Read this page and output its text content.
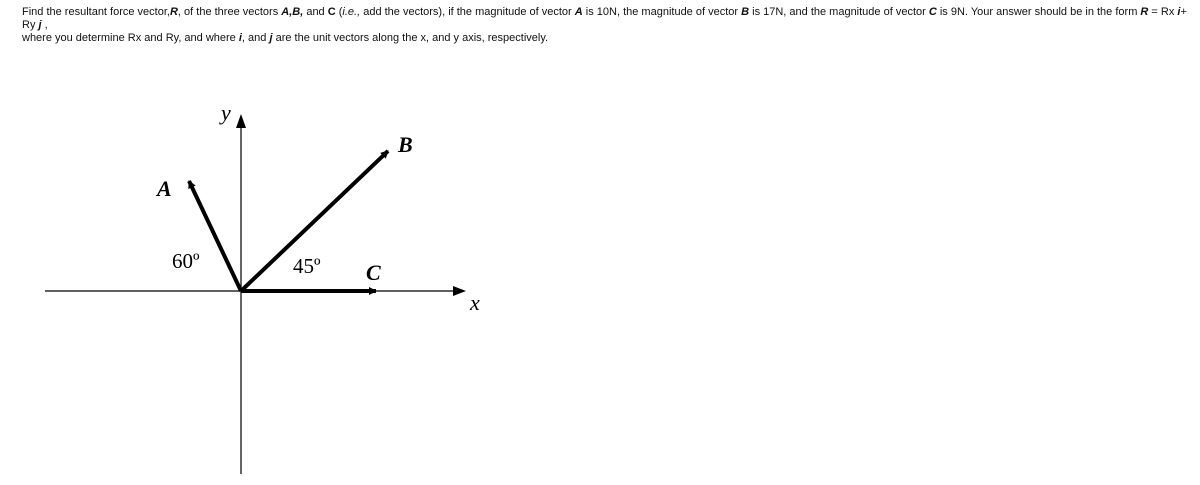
Find the resultant force vector,R, of the three vectors A,B, and C (i.e., add the vectors), if the magnitude of vector A is 10N, the magnitude of vector B is 17N, and the magnitude of vector C is 9N. Your answer should be in the form R = Rx i+ Ry j ,
where you determine Rx and Ry, and where i, and j are the unit vectors along the x, and y axis, respectively.
x
y
A
B
C
60º	45º
